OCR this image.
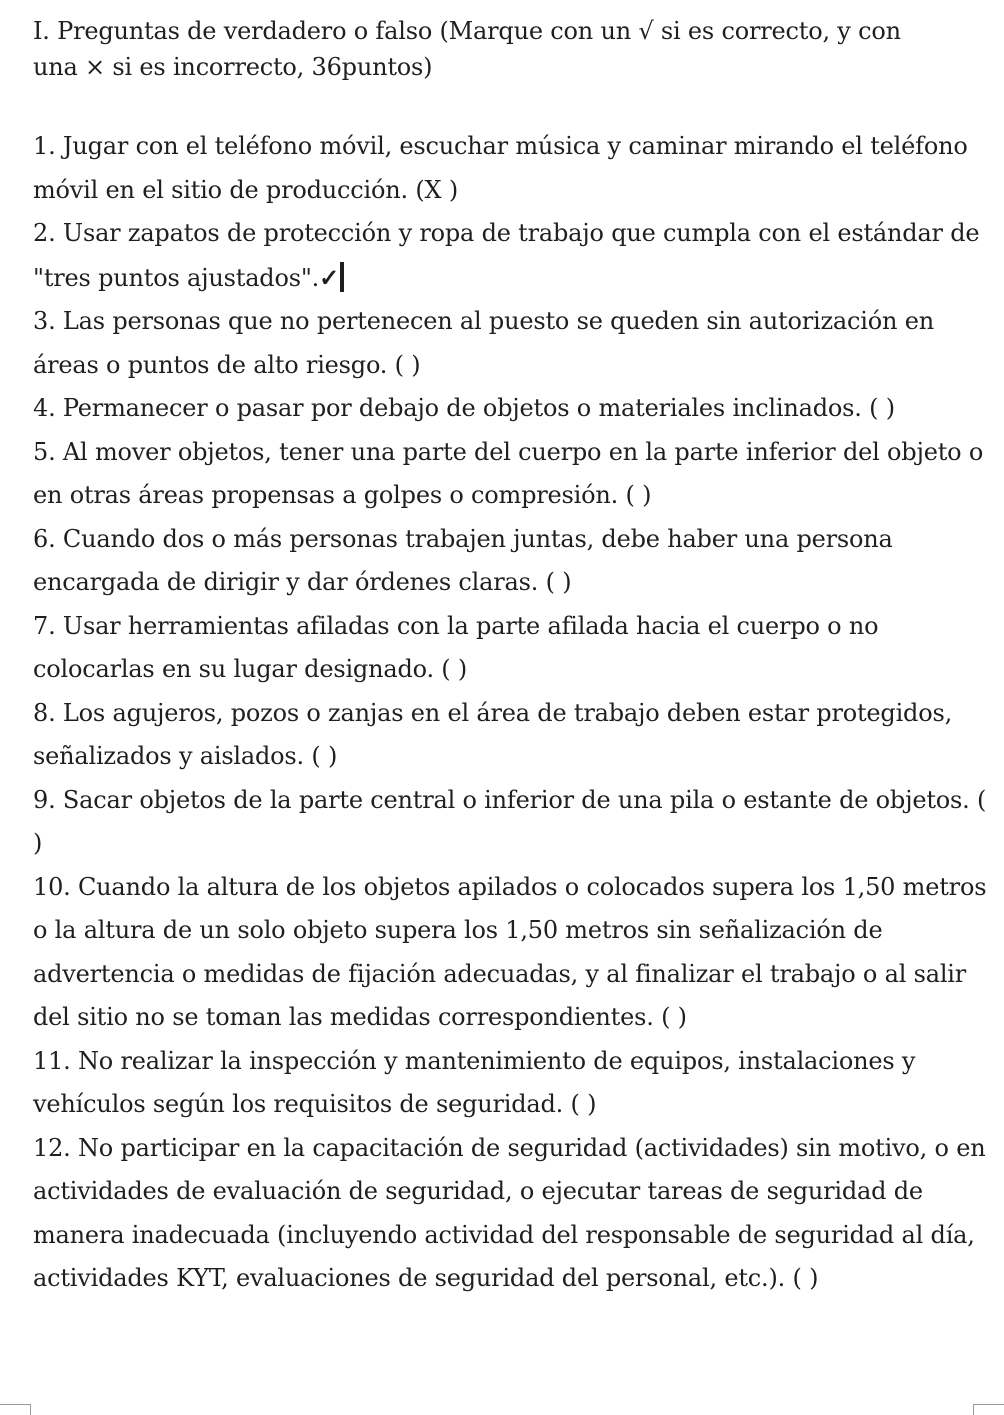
I. Preguntas de verdadero o falso (Marque con un √ si es correcto, y con
una × si es incorrecto, 36puntos)

1. Jugar con el teléfono móvil, escuchar música y caminar mirando el teléfono móvil en el sitio de producción. (X )

2. Usar zapatos de protección y ropa de trabajo que cumpla con el estándar de "tres puntos ajustados".✓

3. Las personas que no pertenecen al puesto se queden sin autorización en áreas o puntos de alto riesgo. ( )

4. Permanecer o pasar por debajo de objetos o materiales inclinados. ( )

5. Al mover objetos, tener una parte del cuerpo en la parte inferior del objeto o en otras áreas propensas a golpes o compresión. ( )

6. Cuando dos o más personas trabajen juntas, debe haber una persona encargada de dirigir y dar órdenes claras. ( )

7. Usar herramientas afiladas con la parte afilada hacia el cuerpo o no colocarlas en su lugar designado. ( )

8. Los agujeros, pozos o zanjas en el área de trabajo deben estar protegidos, señalizados y aislados. ( )

9. Sacar objetos de la parte central o inferior de una pila o estante de objetos. ( )

10. Cuando la altura de los objetos apilados o colocados supera los 1,50 metros o la altura de un solo objeto supera los 1,50 metros sin señalización de advertencia o medidas de fijación adecuadas, y al finalizar el trabajo o al salir del sitio no se toman las medidas correspondientes. ( )

11. No realizar la inspección y mantenimiento de equipos, instalaciones y vehículos según los requisitos de seguridad. ( )

12. No participar en la capacitación de seguridad (actividades) sin motivo, o en actividades de evaluación de seguridad, o ejecutar tareas de seguridad de manera inadecuada (incluyendo actividad del responsable de seguridad al día, actividades KYT, evaluaciones de seguridad del personal, etc.). ( )
